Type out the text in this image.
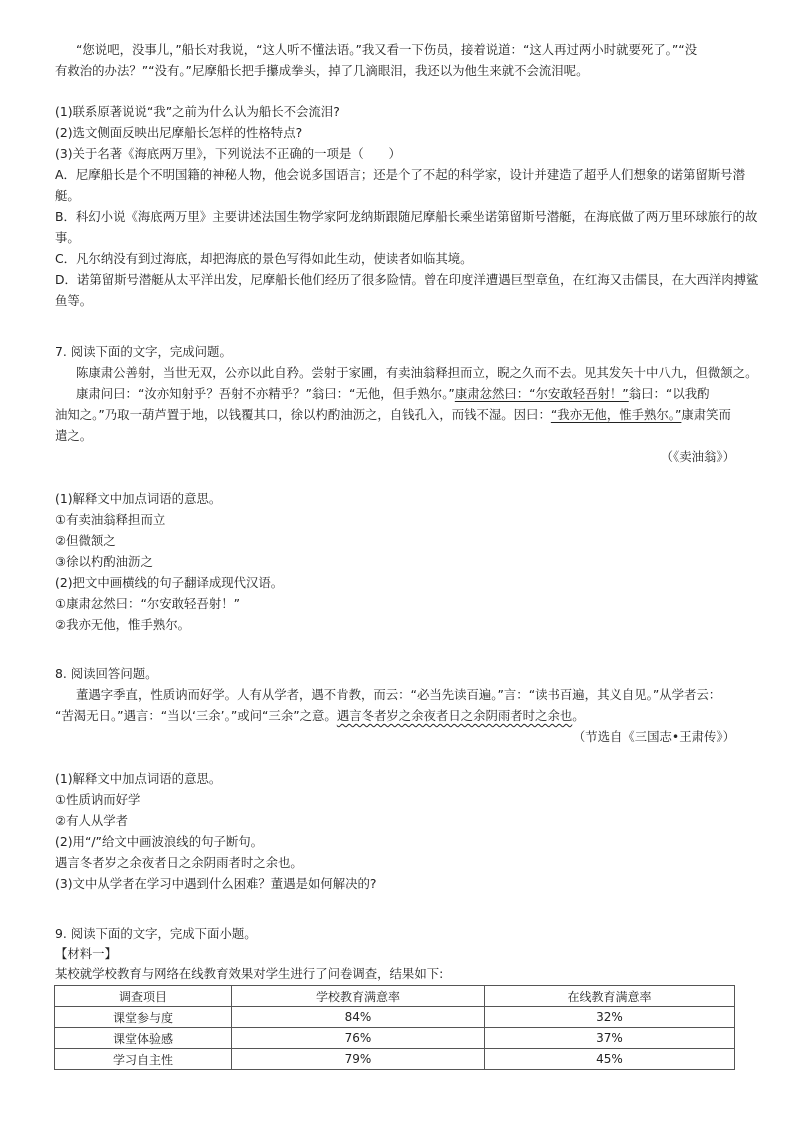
“您说吧，没事儿，”船长对我说，“这人听不懂法语。”我又看一下伤员，接着说道：“这人再过两小时就要死了。”“没
有救治的办法？”“没有。”尼摩船长把手攥成拳头，掉了几滴眼泪，我还以为他生来就不会流泪呢。
(1)联系原著说说“我”之前为什么认为船长不会流泪?
(2)选文侧面反映出尼摩船长怎样的性格特点?
(3)关于名著《海底两万里》，下列说法不正确的一项是（　　）
A．尼摩船长是个不明国籍的神秘人物，他会说多国语言；还是个了不起的科学家，设计并建造了超乎人们想象的诺第留斯号潜
艇。
B．科幻小说《海底两万里》主要讲述法国生物学家阿龙纳斯跟随尼摩船长乘坐诺第留斯号潜艇，在海底做了两万里环球旅行的故
事。
C．凡尔纳没有到过海底，却把海底的景色写得如此生动，使读者如临其境。
D．诺第留斯号潜艇从太平洋出发，尼摩船长他们经历了很多险情。曾在印度洋遭遇巨型章鱼，在红海又击儒艮，在大西洋肉搏鲨
鱼等。
7. 阅读下面的文字，完成问题。
陈康肃公善射，当世无双，公亦以此自矜。尝射于家圃，有卖油翁释担而立，睨之久而不去。见其发矢十中八九，但微颔之。
康肃问曰：“汝亦知射乎？吾射不亦精乎？”翁曰：“无他，但手熟尔。”康肃忿然曰：“尔安敢轻吾射！”翁曰：“以我酌
油知之。”乃取一葫芦置于地，以钱覆其口，徐以杓酌油沥之，自钱孔入，而钱不湿。因曰：“我亦无他，惟手熟尔。”康肃笑而
遣之。
（《卖油翁》）
(1)解释文中加点词语的意思。
①有卖油翁释担而立
②但微颔之
③徐以杓酌油沥之
(2)把文中画横线的句子翻译成现代汉语。
①康肃忿然曰：“尔安敢轻吾射！”
②我亦无他，惟手熟尔。
8. 阅读回答问题。
董遇字季直，性质讷而好学。人有从学者，遇不肯教，而云：“必当先读百遍。”言：“读书百遍，其义自见。”从学者云：
“苦渴无日。”遇言：“当以‘三余’。”或问“三余”之意。遇言冬者岁之余夜者日之余阴雨者时之余也。
（节选自《三国志•王肃传》）
(1)解释文中加点词语的意思。
①性质讷而好学
②有人从学者
(2)用“/”给文中画波浪线的句子断句。
遇言冬者岁之余夜者日之余阴雨者时之余也。
(3)文中从学者在学习中遇到什么困难？董遇是如何解决的?
9. 阅读下面的文字，完成下面小题。
【材料一】
某校就学校教育与网络在线教育效果对学生进行了问卷调查，结果如下:
调查项目	学校教育满意率	在线教育满意率
课堂参与度	84%	32%
课堂体验感	76%	37%
学习自主性	79%	45%
